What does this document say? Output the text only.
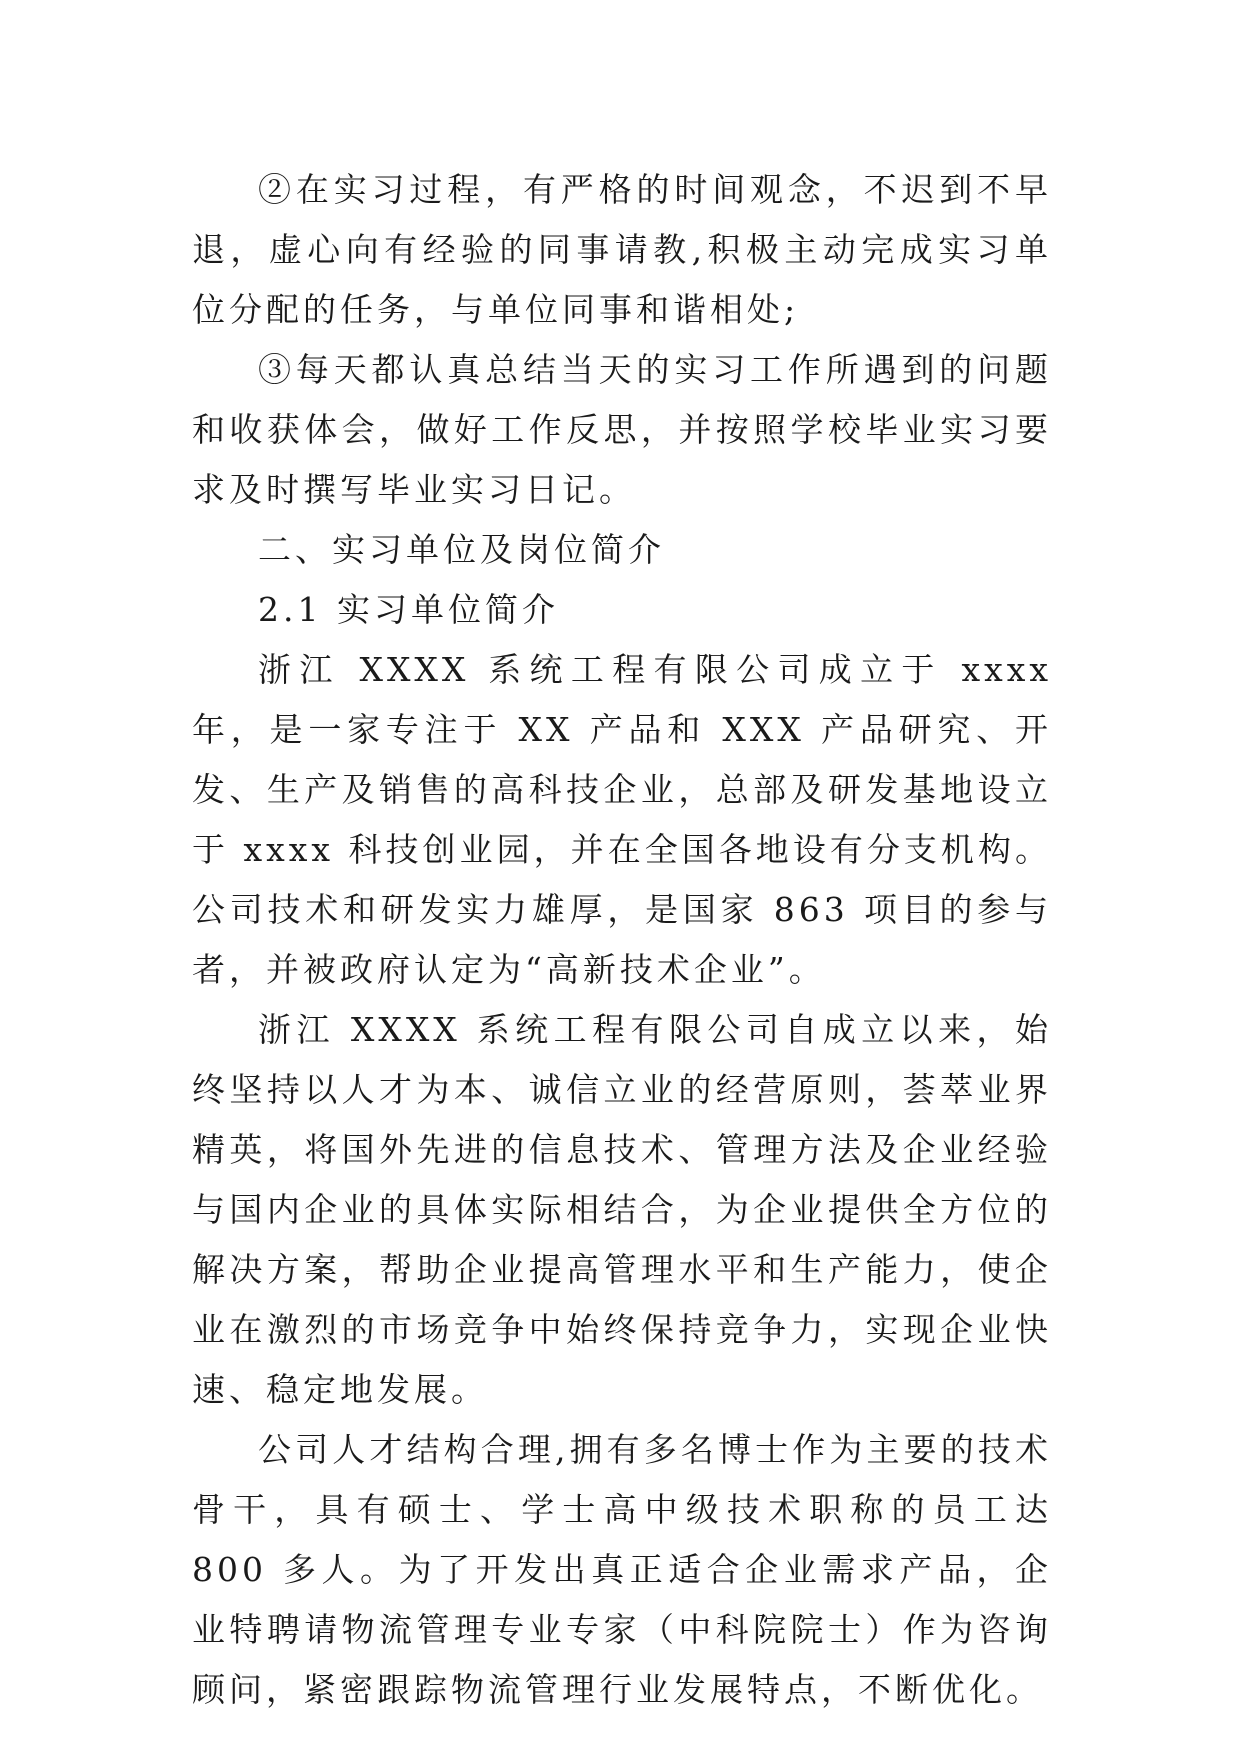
②在实习过程，有严格的时间观念，不迟到不早退，虚心向有经验的同事请教,积极主动完成实习单位分配的任务，与单位同事和谐相处;

③每天都认真总结当天的实习工作所遇到的问题和收获体会，做好工作反思，并按照学校毕业实习要求及时撰写毕业实习日记。

二、实习单位及岗位简介

2.1 实习单位简介

浙江 XXXX 系统工程有限公司成立于 xxxx 年，是一家专注于 XX 产品和 XXX 产品研究、开发、生产及销售的高科技企业，总部及研发基地设立于 xxxx 科技创业园，并在全国各地设有分支机构。公司技术和研发实力雄厚，是国家 863 项目的参与者，并被政府认定为“高新技术企业”。

浙江 XXXX 系统工程有限公司自成立以来，始终坚持以人才为本、诚信立业的经营原则，荟萃业界精英，将国外先进的信息技术、管理方法及企业经验与国内企业的具体实际相结合，为企业提供全方位的解决方案，帮助企业提高管理水平和生产能力，使企业在激烈的市场竞争中始终保持竞争力，实现企业快速、稳定地发展。

公司人才结构合理,拥有多名博士作为主要的技术骨干，具有硕士、学士高中级技术职称的员工达 800 多人。为了开发出真正适合企业需求产品，企业特聘请物流管理专业专家（中科院院士）作为咨询顾问，紧密跟踪物流管理行业发展特点，不断优化。
